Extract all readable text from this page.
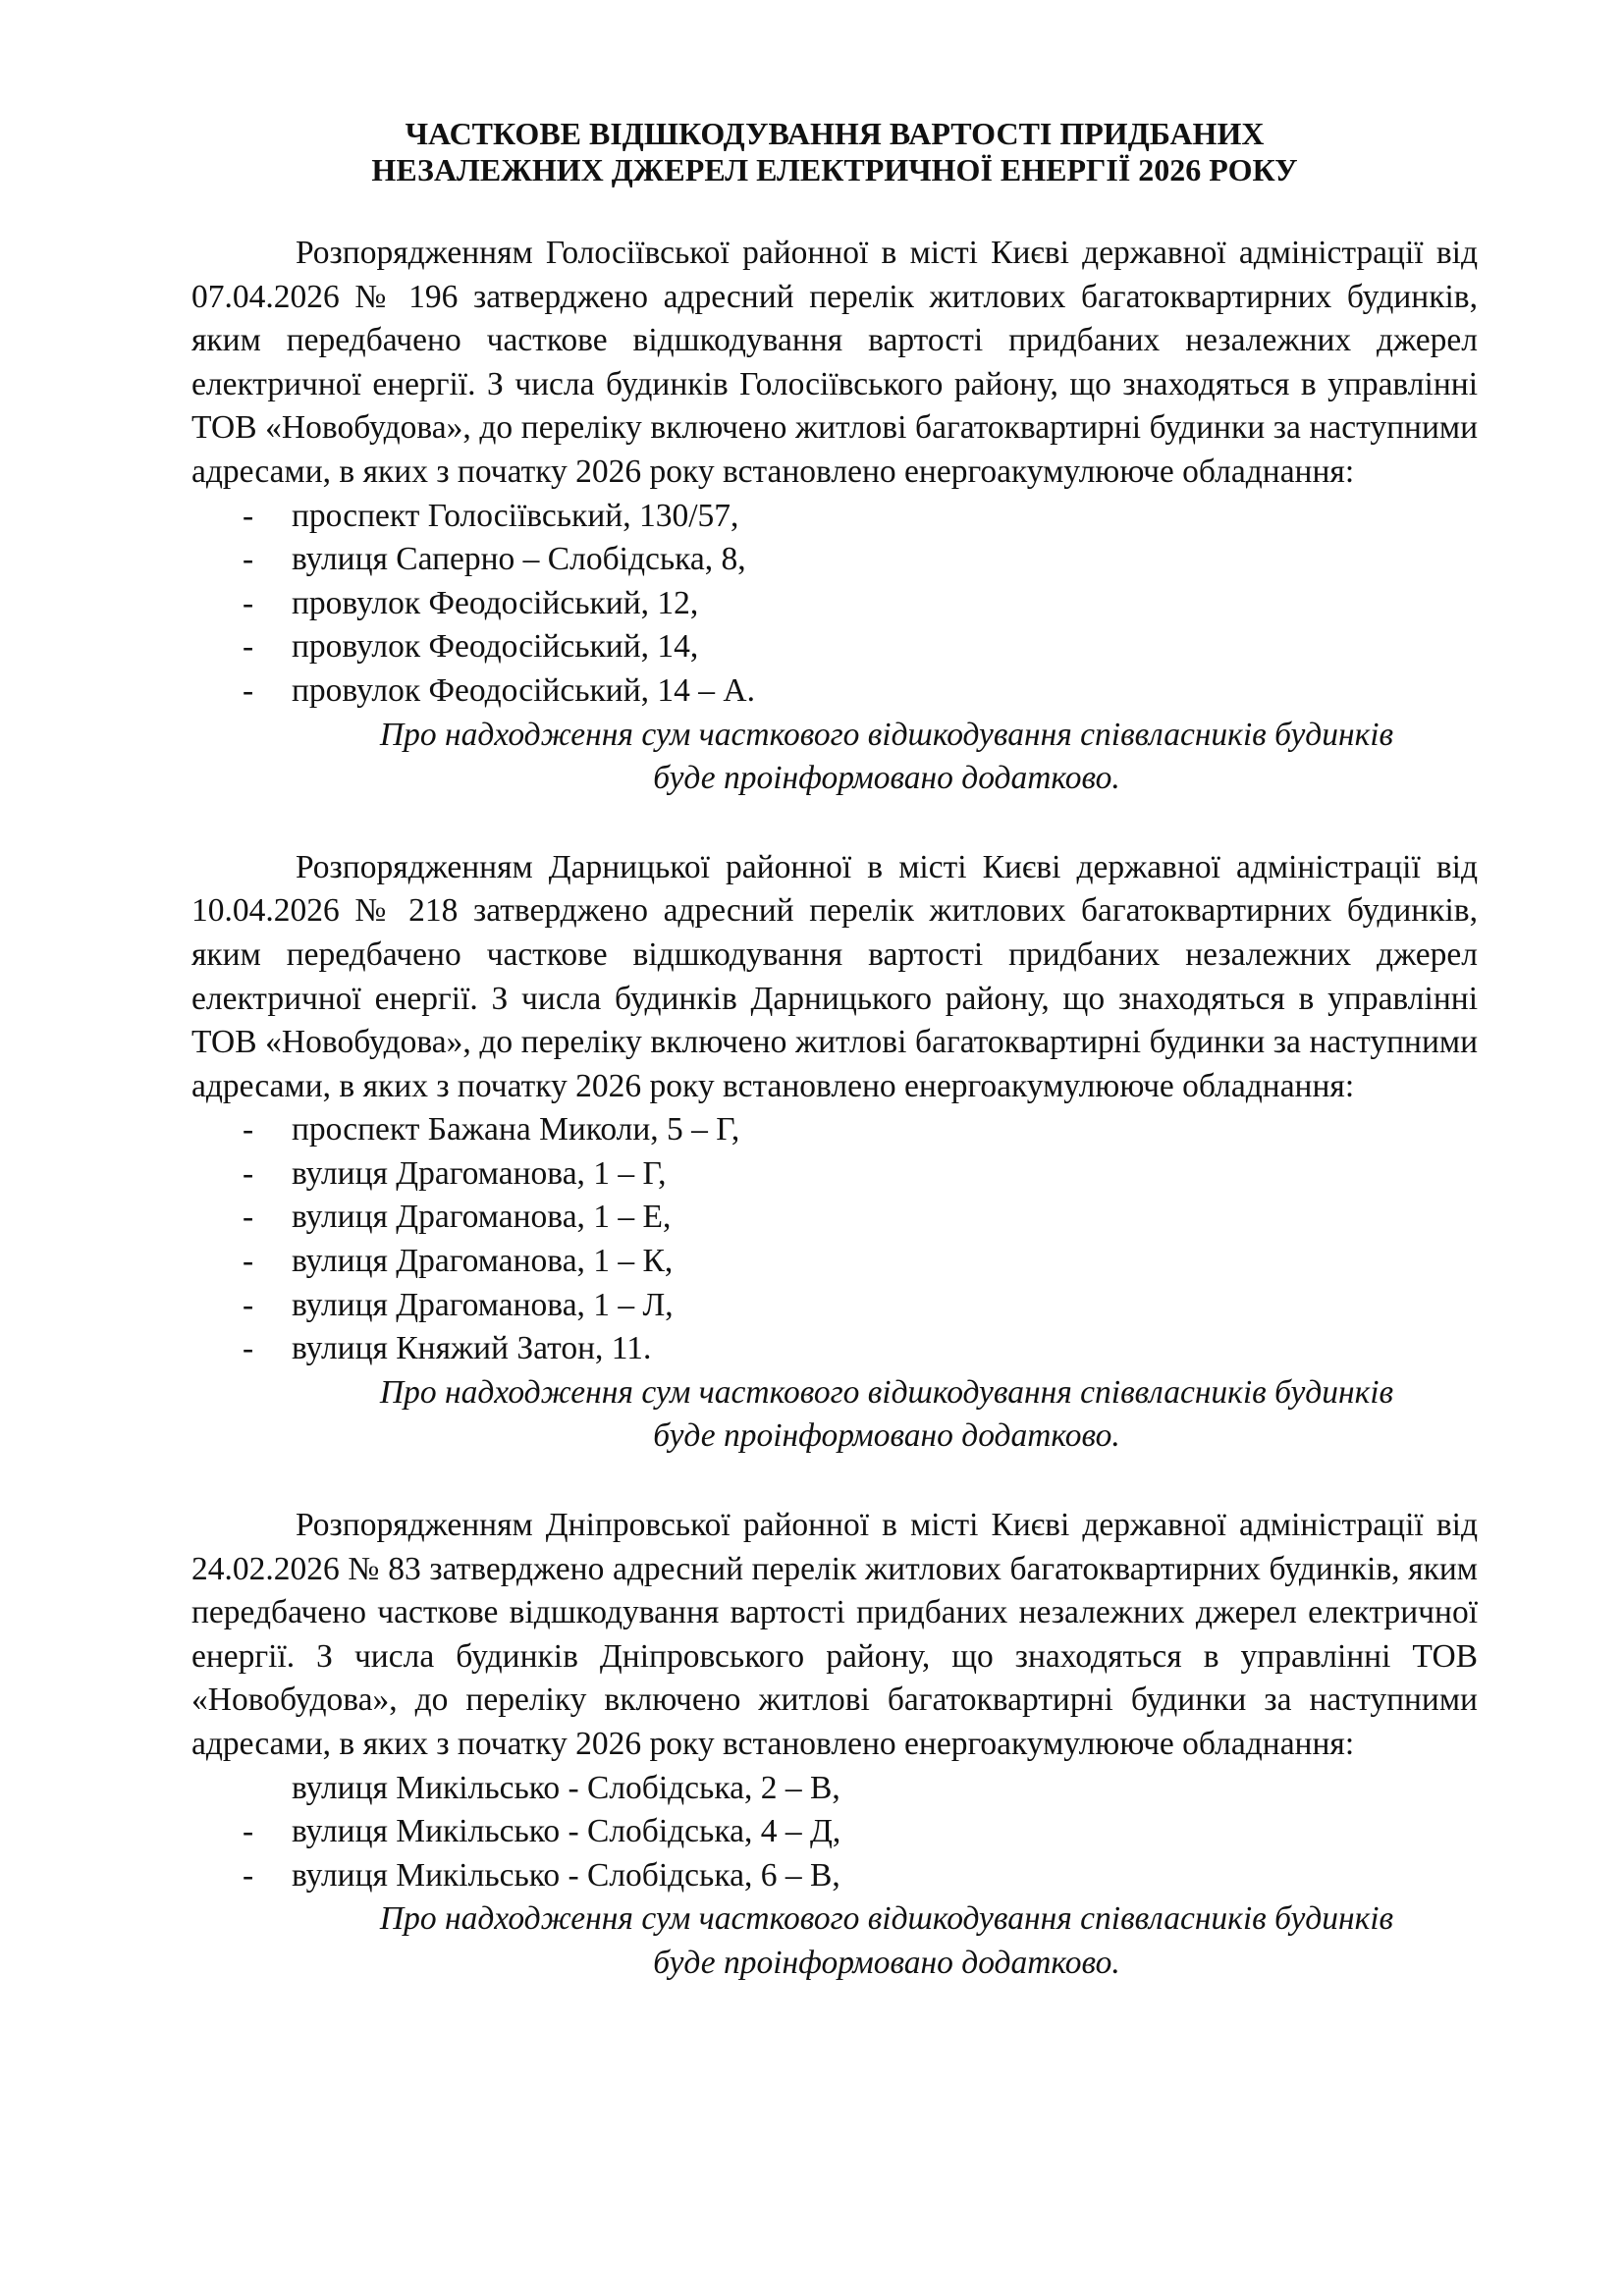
ЧАСТКОВЕ ВІДШКОДУВАННЯ ВАРТОСТІ ПРИДБАНИХ
НЕЗАЛЕЖНИХ ДЖЕРЕЛ ЕЛЕКТРИЧНОЇ ЕНЕРГІЇ 2026 РОКУ

Розпорядженням Голосіївської районної в місті Києві державної адміністрації від 07.04.2026 № 196 затверджено адресний перелік житлових багатоквартирних будинків, яким передбачено часткове відшкодування вартості придбаних незалежних джерел електричної енергії. З числа будинків Голосіївського району, що знаходяться в управлінні ТОВ «Новобудова», до переліку включено житлові багатоквартирні будинки за наступними адресами, в яких з початку 2026 року встановлено енергоакумулююче обладнання:

- проспект Голосіївський, 130/57,
- вулиця Саперно – Слобідська, 8,
- провулок Феодосійський, 12,
- провулок Феодосійський, 14,
- провулок Феодосійський, 14 – А.
Про надходження сум часткового відшкодування співвласників будинків
буде проінформовано додатково.

Розпорядженням Дарницької районної в місті Києві державної адміністрації від 10.04.2026 № 218 затверджено адресний перелік житлових багатоквартирних будинків, яким передбачено часткове відшкодування вартості придбаних незалежних джерел електричної енергії. З числа будинків Дарницького району, що знаходяться в управлінні ТОВ «Новобудова», до переліку включено житлові багатоквартирні будинки за наступними адресами, в яких з початку 2026 року встановлено енергоакумулююче обладнання:

- проспект Бажана Миколи, 5 – Г,
- вулиця Драгоманова, 1 – Г,
- вулиця Драгоманова, 1 – Е,
- вулиця Драгоманова, 1 – К,
- вулиця Драгоманова, 1 – Л,
- вулиця Княжий Затон, 11.
Про надходження сум часткового відшкодування співвласників будинків
буде проінформовано додатково.

Розпорядженням Дніпровської районної в місті Києві державної адміністрації від 24.02.2026 № 83 затверджено адресний перелік житлових багатоквартирних будинків, яким передбачено часткове відшкодування вартості придбаних незалежних джерел електричної енергії. З числа будинків Дніпровського району, що знаходяться в управлінні ТОВ «Новобудова», до переліку включено житлові багатоквартирні будинки за наступними адресами, в яких з початку 2026 року встановлено енергоакумулююче обладнання:

вулиця Микільсько - Слобідська, 2 – В,
- вулиця Микільсько - Слобідська, 4 – Д,
- вулиця Микільсько - Слобідська, 6 – В,
Про надходження сум часткового відшкодування співвласників будинків
буде проінформовано додатково.
